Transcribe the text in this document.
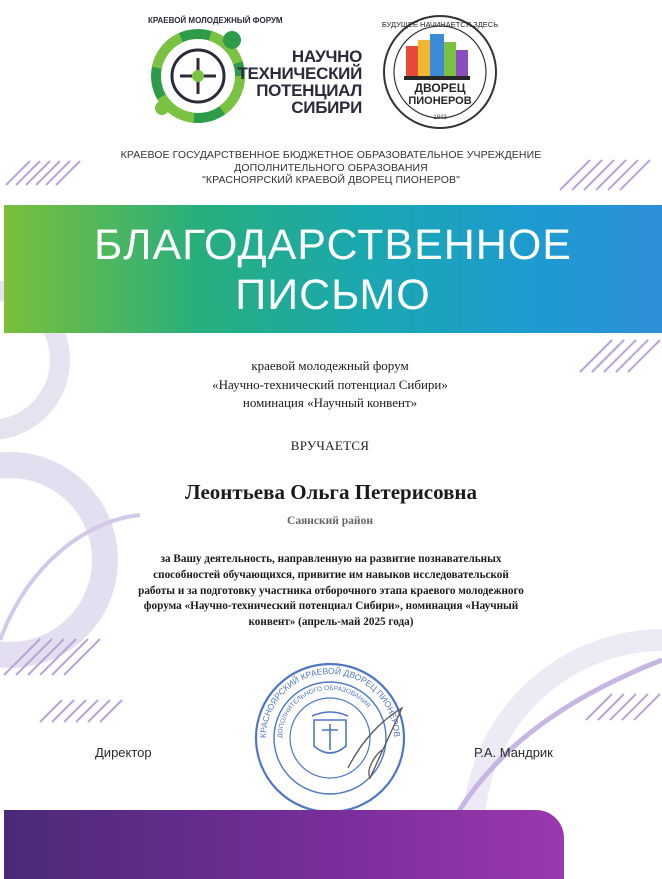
КРАЕВОЙ МОЛОДЕЖНЫЙ ФОРУМ
НАУЧНО
ТЕХНИЧЕСКИЙ
ПОТЕНЦИАЛ
СИБИРИ
БУДУЩЕЕ НАЧИНАЕТСЯ ЗДЕСЬ
ДВОРЕЦ
ПИОНЕРОВ
1943
КРАЕВОЕ ГОСУДАРСТВЕННОЕ БЮДЖЕТНОЕ ОБРАЗОВАТЕЛЬНОЕ УЧРЕЖДЕНИЕ
ДОПОЛНИТЕЛЬНОГО ОБРАЗОВАНИЯ
"КРАСНОЯРСКИЙ КРАЕВОЙ ДВОРЕЦ ПИОНЕРОВ"
БЛАГОДАРСТВЕННОЕ
ПИСЬМО
краевой молодежный форум
«Научно-технический потенциал Сибири»
номинация «Научный конвент»
ВРУЧАЕТСЯ
Леонтьева Ольга Петерисовна
Саянский район
за Вашу деятельность, направленную на развитие познавательных
способностей обучающихся, привитие им навыков исследовательской
работы и за подготовку участника отборочного этапа краевого молодежного
форума «Научно-технический потенциал Сибири», номинация «Научный
конвент» (апрель-май 2025 года)
КРАСНОЯРСКИЙ КРАЕВОЙ ДВОРЕЦ ПИОНЕРОВ
ДОПОЛНИТЕЛЬНОГО ОБРАЗОВАНИЯ
Директор	Р.А. Мандрик
